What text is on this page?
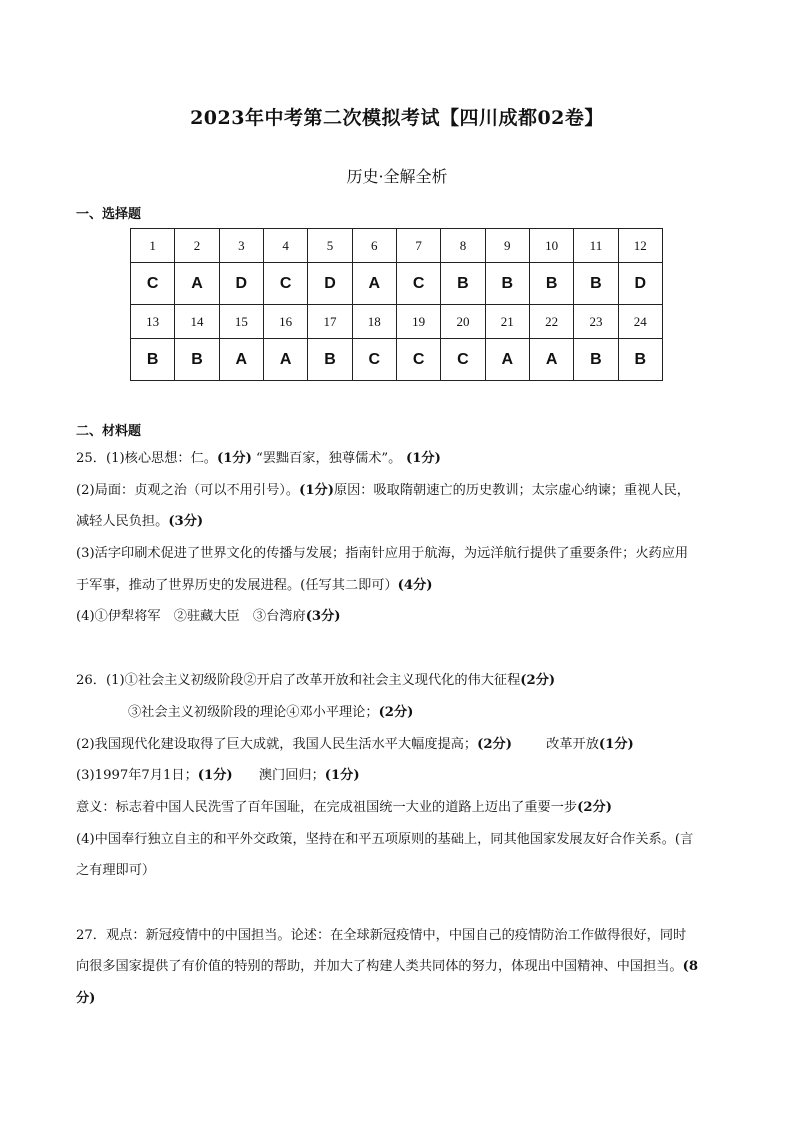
2023年中考第二次模拟考试【四川成都02卷】
历史·全解全析
一、选择题
1	2	3	4	5	6	7	8	9	10	11	12
C	A	D	C	D	A	C	B	B	B	B	D
13	14	15	16	17	18	19	20	21	22	23	24
B	B	A	A	B	C	C	C	A	A	B	B
二、材料题
25．(1)核心思想：仁。(1分) “罢黜百家，独尊儒术”。 (1分)
(2)局面：贞观之治（可以不用引号）。(1分)原因：吸取隋朝速亡的历史教训；太宗虚心纳谏；重视人民，
减轻人民负担。(3分)
(3)活字印刷术促进了世界文化的传播与发展；指南针应用于航海，为远洋航行提供了重要条件；火药应用
于军事，推动了世界历史的发展进程。(任写其二即可）(4分)
(4)①伊犁将军　②驻藏大臣　③台湾府(3分)
26．(1)①社会主义初级阶段②开启了改革开放和社会主义现代化的伟大征程(2分)
③社会主义初级阶段的理论④邓小平理论；(2分)
(2)我国现代化建设取得了巨大成就，我国人民生活水平大幅度提高；(2分)	改革开放(1分)
(3)1997年7月1日；(1分) 澳门回归；(1分)
意义：标志着中国人民洗雪了百年国耻，在完成祖国统一大业的道路上迈出了重要一步(2分)
(4)中国奉行独立自主的和平外交政策，坚持在和平五项原则的基础上，同其他国家发展友好合作关系。(言
之有理即可）
27．观点：新冠疫情中的中国担当。论述：在全球新冠疫情中，中国自己的疫情防治工作做得很好，同时
向很多国家提供了有价值的特别的帮助，并加大了构建人类共同体的努力，体现出中国精神、中国担当。(8
分)
